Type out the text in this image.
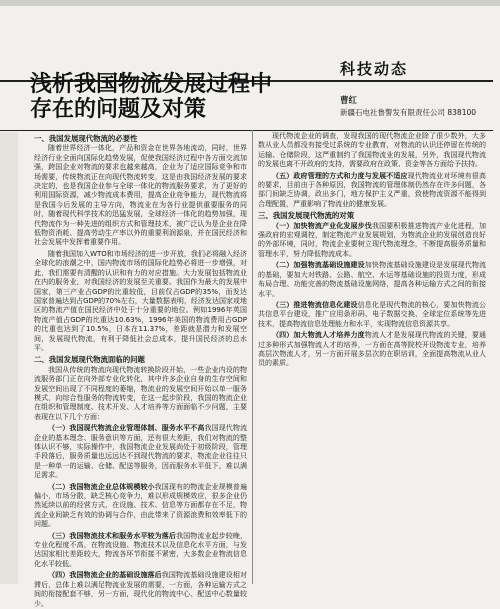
科技动态
浅析我国物流发展过程中
存在的问题及对策	曹红
新疆石电社鲁警发有限责任公司 838100
一、我国发展现代物流的必要性

随着世界经济一体化，产品和资金在世界各地流动，同时，世界经济行业全面向国际化趋势发展，促使我国经济过程中各方面交流加强，跨国企业对物流的要求也越来越高，企业为了适应国际竞争和市场需要，传统物流正在向现代物流转变，这是由我国经济发展的要求决定的，也是我国企业参与全球一体化的物流服务要求，为了更好的利用国际资源，减少物流成本费用，提高企业竞争能力，现代物流将是我国今后发展的主导方向，物流业在为各行业提供重要服务的同时，随着现代科学技术的迅猛发展，全球经济一体化的趋势加强，现代物流作为一种先进的组织方式和管理技术，被广泛认为是企业在降低物资消耗、提高劳动生产率以外的重要利润源泉，并在国民经济和社会发展中发挥着重要作用。

随着我国加入WTO和市场经济的进一步开放，我们必将融入经济全球化的浪潮之中，国内物流市场的国际化趋势必将进一步增强，对此，我们需要有清醒的认识和有力的对应措施。大力发展包括物流业在内的服务业，对我国经济的发展至关重要。我国作为最大的发展中国家，第三产业占GDP的比重较低，目前仅占GDP的35%，而发达国家普遍达到占GDP的70%左右，大量数据表明，经济发达国家或地区的物流产值在国民经济中处于十分重要的地位。例如1996年英国物流产值占GDP的比重达10.63%，1996年美国的物流费用占GDP的比重也达到了10.5%，日本在11.37%，差距就是潜力和发展空间，发展现代物流，有利于降低社会总成本，提升国民经济的总水平。

二、我国发展现代物流面临的问题

我国从传统的物流向现代物流转换阶段开始，一些企业内设的物流服务部门正在向外部专业化转化，其中许多企业自身的生存空间和发展空间出现了不同程度的萎缩，物流业的发展空间开始以单一服务模式，向综合性服务的物流转变，在这一起步阶段，我国的物流企业在组织和管理制度、技术开发、人才培养等方面面临不少问题，主要表现在以下几个方面：

（一）我国现代物流企业管理体制、服务水平不高我国现代物流企业的基本理念、服务意识等方面，还有很大差距，我们对物流的整体认识不够，实际操作中，我国物流企业发展尚处于初级阶段，管理手段落后，服务质量也远远达不到现代物流的要求，物流企业往往只是一种单一的运输、仓储、配送等服务，因而服务水平低下，难以满足需求。

（二）我国物流企业总体规模较小我国现有的物流企业规模普遍偏小，市场分散，缺乏核心竞争力，难以形成规模效应，很多企业仍然延续以前的经营方式，在设施、技术、信息等方面都存在不足，物流企业间缺乏有效的协调与合作，由此带来了资源浪费和效率低下的问题。

（三）我国物流技术和服务水平较为落后我国物流业起步较晚，专业化程度不高，在物流设施、物流技术以及信息化水平方面，与发达国家相比差距较大，物流各环节衔接不紧密，大多数企业物流信息化水平较低。

（四）我国物流企业的基础设施落后我国物流基础设施建设相对滞后，总体上难以满足物流业发展的需要，一方面，各种运输方式之间的衔接配套不够，另一方面，现代化的物流中心、配送中心数量较少。

现代物流企业的调查，发现我国的现代物流企业除了很少数外，大多数从业人员都没有接受过系统的专业教育，对物流的认识还停留在传统的运输、仓储阶段，这严重制约了我国物流业的发展，另外，我国现代物流的发展也离不开政府的支持，需要政府在政策、资金等各方面给予扶持。

（五）政府管理的方式和力度与发展不适应现代物流业对环境有很高的要求，目前由于各种原因，我国物流的管理体制仍然存在许多问题，各部门间缺乏协调，政出多门，地方保护主义严重，致使物流资源不能得到合理配置，严重影响了物流业的健康发展。

三、我国发展现代物流的对策

（一）加快物流产业化发展步伐我国要积极推进物流产业化进程，加强政府的宏观调控，制定物流产业发展规划，为物流企业的发展创造良好的外部环境，同时，物流企业要树立现代物流理念，不断提高服务质量和管理水平，努力降低物流成本。

（二）加强物流基础设施建设加快物流基础设施建设是发展现代物流的基础，要加大对铁路、公路、航空、水运等基础设施的投资力度，形成布局合理、功能完善的物流基础设施网络，提高各种运输方式之间的衔接水平。

（三）推进物流信息化建设信息化是现代物流的核心，要加快物流公共信息平台建设，推广应用条形码、电子数据交换、全球定位系统等先进技术，提高物流信息处理能力和水平，实现物流信息资源共享。

（四）加大物流人才培养力度物流人才是发展现代物流的关键，要通过多种形式加强物流人才的培养，一方面在高等院校开设物流专业，培养高层次物流人才，另一方面开展多层次的在职培训，全面提高物流从业人员的素质。
